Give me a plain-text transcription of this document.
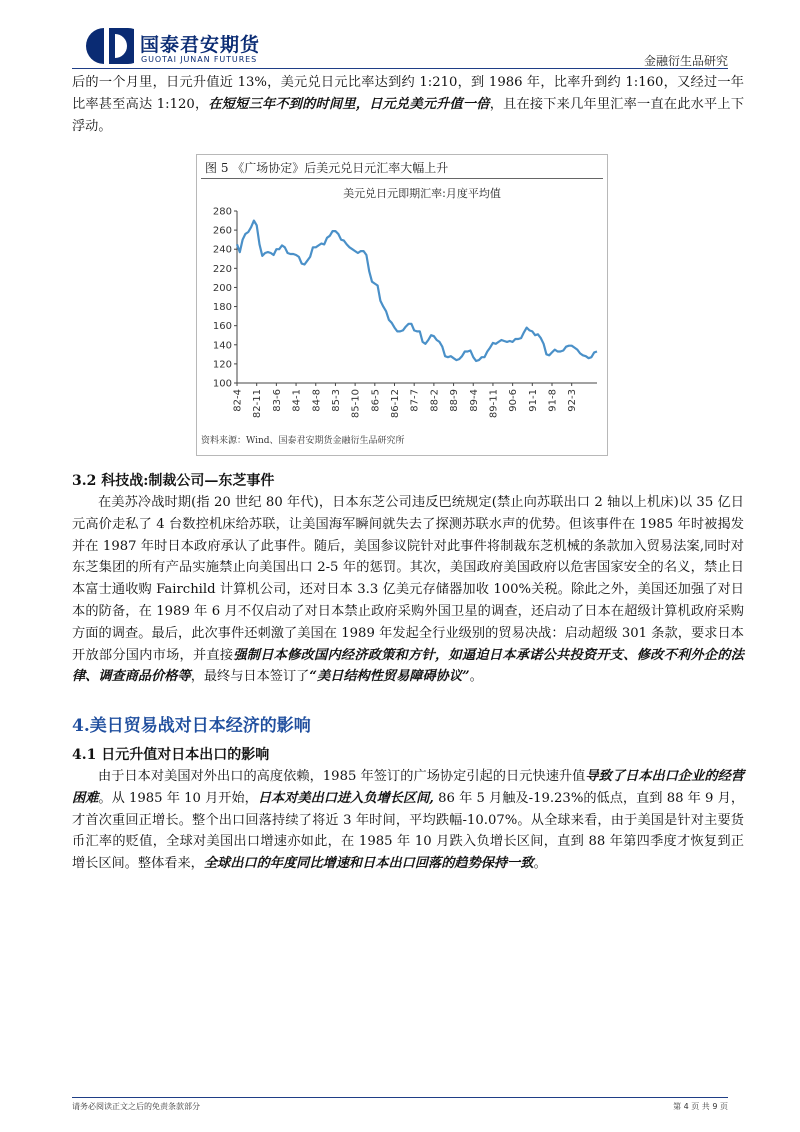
国泰君安期货
GUOTAI JUNAN FUTURES	金融衍生品研究

后的一个月里，日元升值近 13%，美元兑日元比率达到约 1:210，到 1986 年，比率升到约 1:160，又经过一年比率甚至高达 1:120，在短短三年不到的时间里，日元兑美元升值一倍，且在接下来几年里汇率一直在此水平上下浮动。

图 5 《广场协定》后美元兑日元汇率大幅上升
美元兑日元即期汇率:月度平均值
100
120
140
160
180
200
220
240
260
280
82-4 82-11 83-6 84-1 84-8 85-3 85-10 86-5 86-12 87-7 88-2 88-9 89-4 89-11 90-6 91-1 91-8 92-3
资料来源：Wind、国泰君安期货金融衍生品研究所
3.2 科技战:制裁公司—东芝事件

在美苏冷战时期(指 20 世纪 80 年代)，日本东芝公司违反巴统规定(禁止向苏联出口 2 轴以上机床)以 35 亿日元高价走私了 4 台数控机床给苏联，让美国海军瞬间就失去了探测苏联水声的优势。但该事件在 1985 年时被揭发并在 1987 年时日本政府承认了此事件。随后，美国参议院针对此事件将制裁东芝机械的条款加入贸易法案,同时对东芝集团的所有产品实施禁止向美国出口 2-5 年的惩罚。其次，美国政府美国政府以危害国家安全的名义，禁止日本富士通收购 Fairchild 计算机公司，还对日本 3.3 亿美元存储器加收 100%关税。除此之外，美国还加强了对日本的防备，在 1989 年 6 月不仅启动了对日本禁止政府采购外国卫星的调查，还启动了日本在超级计算机政府采购方面的调查。最后，此次事件还刺激了美国在 1989 年发起全行业级别的贸易决战：启动超级 301 条款，要求日本开放部分国内市场，并直接强制日本修改国内经济政策和方针，如逼迫日本承诺公共投资开支、修改不利外企的法律、调查商品价格等，最终与日本签订了“美日结构性贸易障碍协议”。

4.美日贸易战对日本经济的影响
4.1 日元升值对日本出口的影响

由于日本对美国对外出口的高度依赖，1985 年签订的广场协定引起的日元快速升值导致了日本出口企业的经营困难。从 1985 年 10 月开始，日本对美出口进入负增长区间, 86 年 5 月触及-19.23%的低点，直到 88 年 9 月，才首次重回正增长。整个出口回落持续了将近 3 年时间，平均跌幅-10.07%。从全球来看，由于美国是针对主要货币汇率的贬值，全球对美国出口增速亦如此，在 1985 年 10 月跌入负增长区间，直到 88 年第四季度才恢复到正增长区间。整体看来，全球出口的年度同比增速和日本出口回落的趋势保持一致。

请务必阅读正文之后的免责条款部分	第 4 页 共 9 页
